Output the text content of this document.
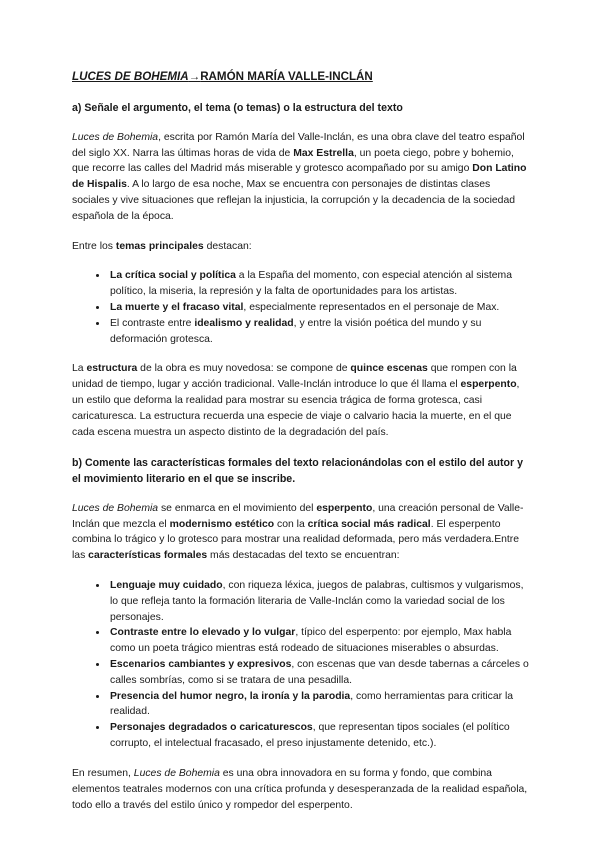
LUCES DE BOHEMIA→RAMÓN MARÍA VALLE-INCLÁN
a) Señale el argumento, el tema (o temas) o la estructura del texto

Luces de Bohemia, escrita por Ramón María del Valle-Inclán, es una obra clave del teatro español del siglo XX. Narra las últimas horas de vida de Max Estrella, un poeta ciego, pobre y bohemio, que recorre las calles del Madrid más miserable y grotesco acompañado por su amigo Don Latino de Hispalis. A lo largo de esa noche, Max se encuentra con personajes de distintas clases sociales y vive situaciones que reflejan la injusticia, la corrupción y la decadencia de la sociedad española de la época.

Entre los temas principales destacan:

• La crítica social y política a la España del momento, con especial atención al sistema político, la miseria, la represión y la falta de oportunidades para los artistas.
• La muerte y el fracaso vital, especialmente representados en el personaje de Max.
• El contraste entre idealismo y realidad, y entre la visión poética del mundo y su deformación grotesca.

La estructura de la obra es muy novedosa: se compone de quince escenas que rompen con la unidad de tiempo, lugar y acción tradicional. Valle-Inclán introduce lo que él llama el esperpento, un estilo que deforma la realidad para mostrar su esencia trágica de forma grotesca, casi caricaturesca. La estructura recuerda una especie de viaje o calvario hacia la muerte, en el que cada escena muestra un aspecto distinto de la degradación del país.

b) Comente las características formales del texto relacionándolas con el estilo del autor y el movimiento literario en el que se inscribe.

Luces de Bohemia se enmarca en el movimiento del esperpento, una creación personal de Valle-Inclán que mezcla el modernismo estético con la crítica social más radical. El esperpento combina lo trágico y lo grotesco para mostrar una realidad deformada, pero más verdadera.Entre las características formales más destacadas del texto se encuentran:

• Lenguaje muy cuidado, con riqueza léxica, juegos de palabras, cultismos y vulgarismos, lo que refleja tanto la formación literaria de Valle-Inclán como la variedad social de los personajes.
• Contraste entre lo elevado y lo vulgar, típico del esperpento: por ejemplo, Max habla como un poeta trágico mientras está rodeado de situaciones miserables o absurdas.
• Escenarios cambiantes y expresivos, con escenas que van desde tabernas a cárceles o calles sombrías, como si se tratara de una pesadilla.
• Presencia del humor negro, la ironía y la parodia, como herramientas para criticar la realidad.
• Personajes degradados o caricaturescos, que representan tipos sociales (el político corrupto, el intelectual fracasado, el preso injustamente detenido, etc.).

En resumen, Luces de Bohemia es una obra innovadora en su forma y fondo, que combina elementos teatrales modernos con una crítica profunda y desesperanzada de la realidad española, todo ello a través del estilo único y rompedor del esperpento.
